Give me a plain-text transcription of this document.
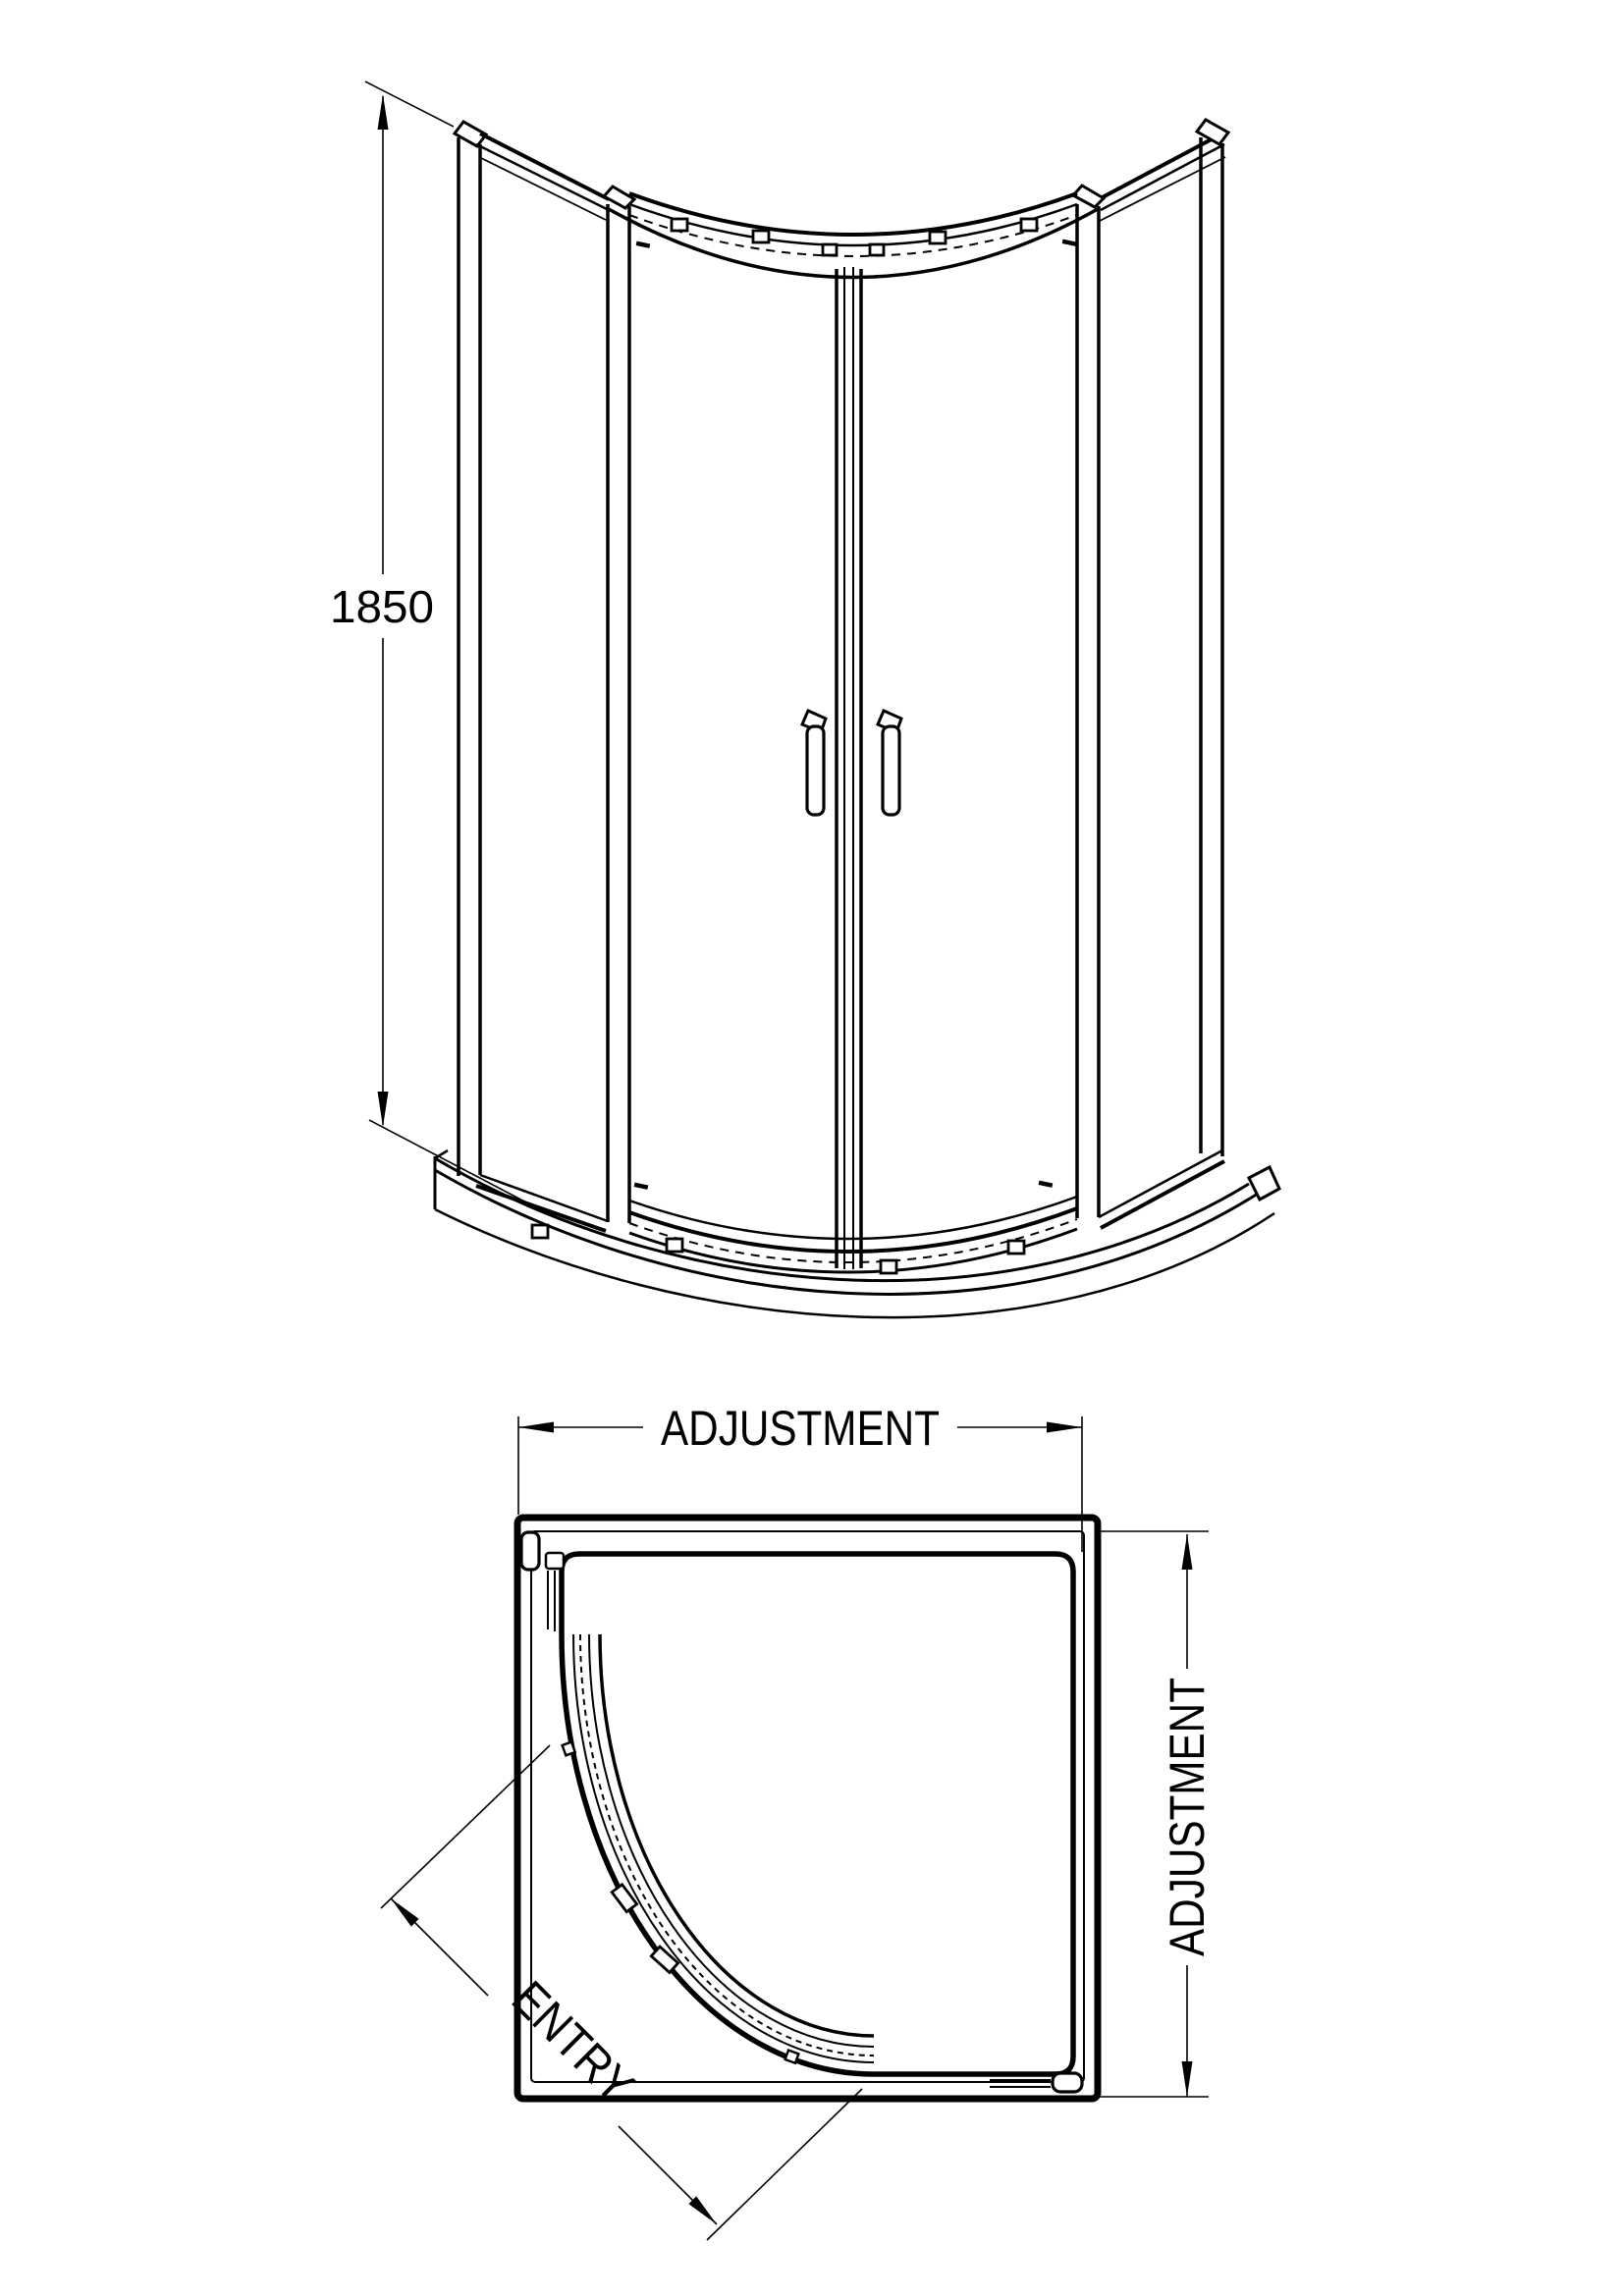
1850
ADJUSTMENT
ADJUSTMENT
ENTRY
